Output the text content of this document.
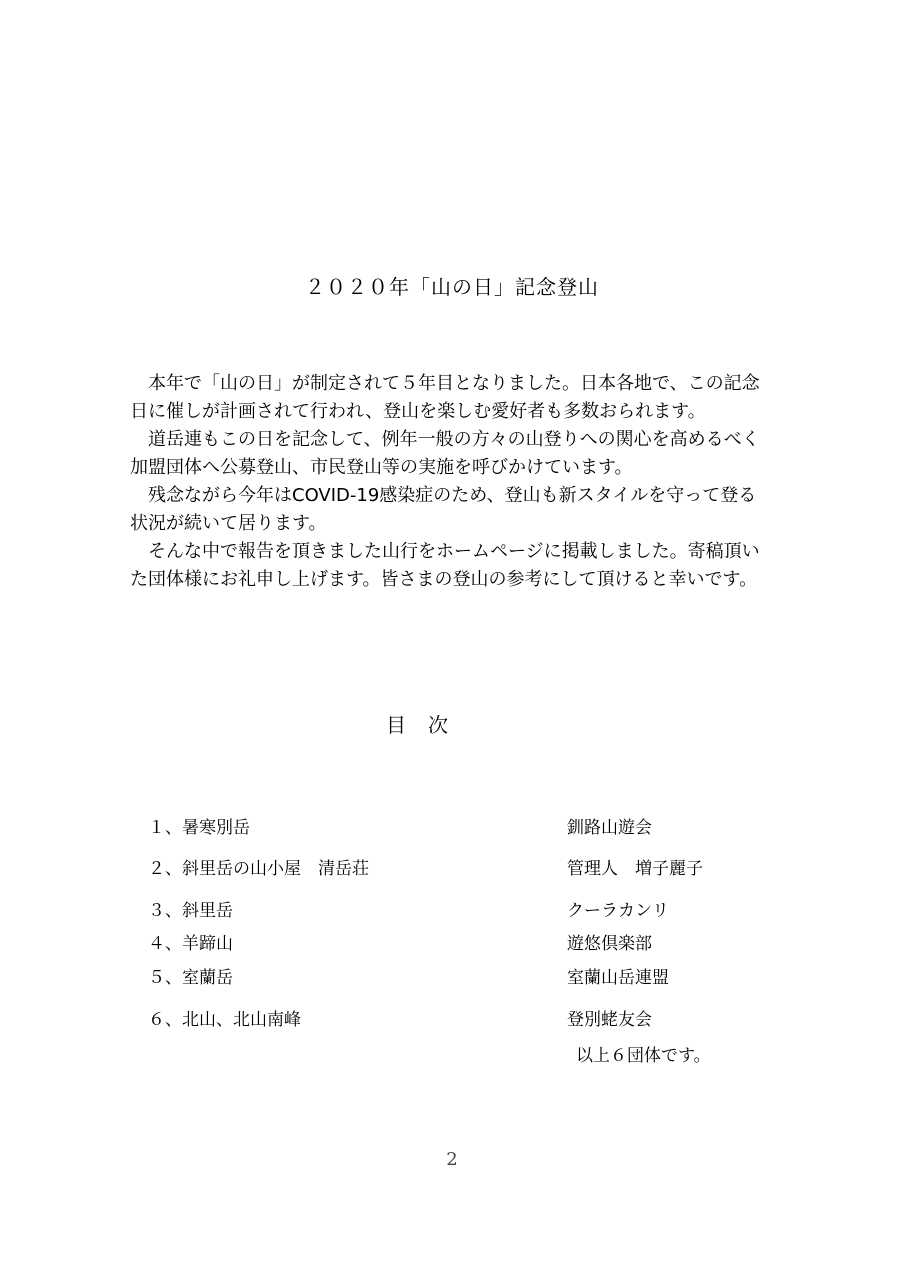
２０２０年「山の日」記念登山

　本年で「山の日」が制定されて５年目となりました。日本各地で、この記念

日に催しが計画されて行われ、登山を楽しむ愛好者も多数おられます。

　道岳連もこの日を記念して、例年一般の方々の山登りへの関心を高めるべく

加盟団体へ公募登山、市民登山等の実施を呼びかけています。

　残念ながら今年はCOVID-19感染症のため、登山も新スタイルを守って登る

状況が続いて居ります。

　そんな中で報告を頂きました山行をホームページに掲載しました。寄稿頂い

た団体様にお礼申し上げます。皆さまの登山の参考にして頂けると幸いです。

目次
１、暑寒別岳	釧路山遊会
２、斜里岳の山小屋　清岳荘	管理人　増子麗子
３、斜里岳	クーラカンリ
４、羊蹄山	遊悠倶楽部
５、室蘭岳	室蘭山岳連盟
６、北山、北山南峰	登別蛯友会
以上６団体です。
2
